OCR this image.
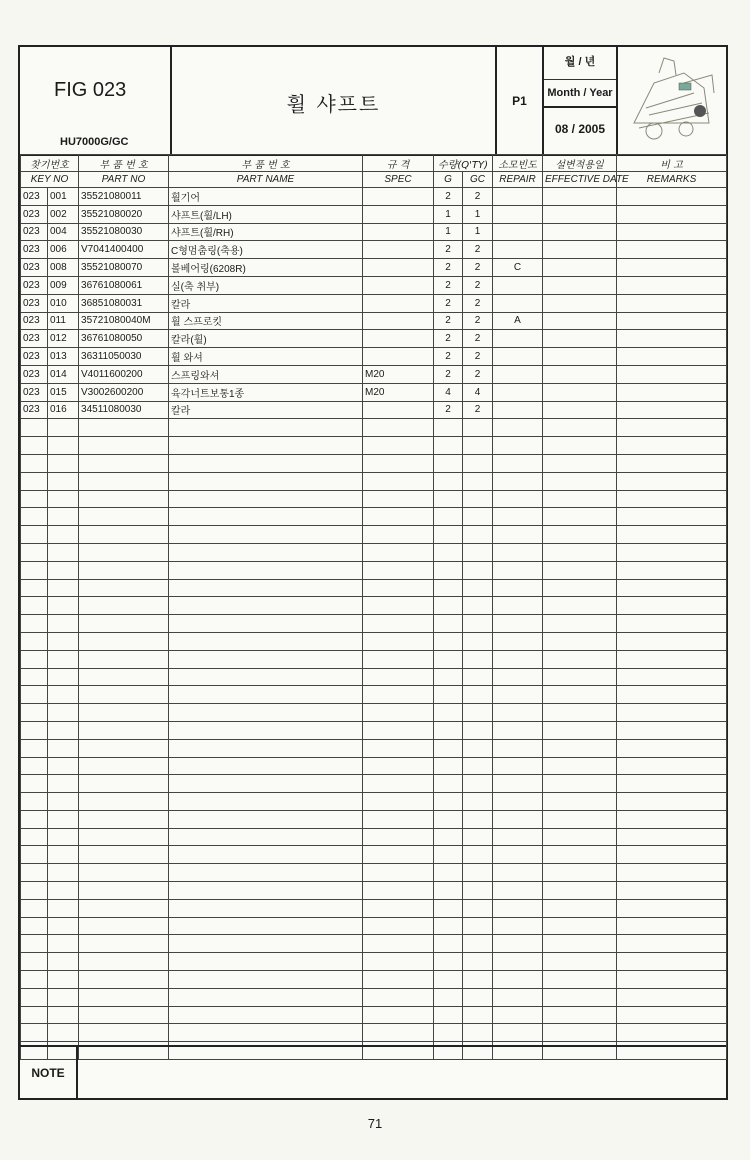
FIG 023
HU7000G/GC
휠 샤프트	P1
월 / 년
Month / Year
08 / 2005
찾기번호		부 품 번 호	부 품 번 호	규 격	수량(Q'TY)		소모빈도	설변적용일	비 고
KEY NO		PART NO	PART NAME	SPEC	G	GC	REPAIR	EFFECTIVE DATE	REMARKS
023	001	35521080011	휠기어		2	2			
023	002	35521080020	샤프트(휠/LH)		1	1			
023	004	35521080030	샤프트(휠/RH)		1	1			
023	006	V7041400400	C형멈춤링(축용)		2	2			
023	008	35521080070	볼베어링(6208R)		2	2	C		
023	009	36761080061	실(축 취부)		2	2			
023	010	36851080031	칼라		2	2			
023	011	35721080040M	휠 스프로킷		2	2	A		
023	012	36761080050	칼라(휠)		2	2			
023	013	36311050030	휠 와셔		2	2			
023	014	V4011600200	스프링와셔	M20	2	2			
023	015	V3002600200	육각너트보통1종	M20	4	4			
023	016	34511080030	칼라		2	2			

NOTE
71
